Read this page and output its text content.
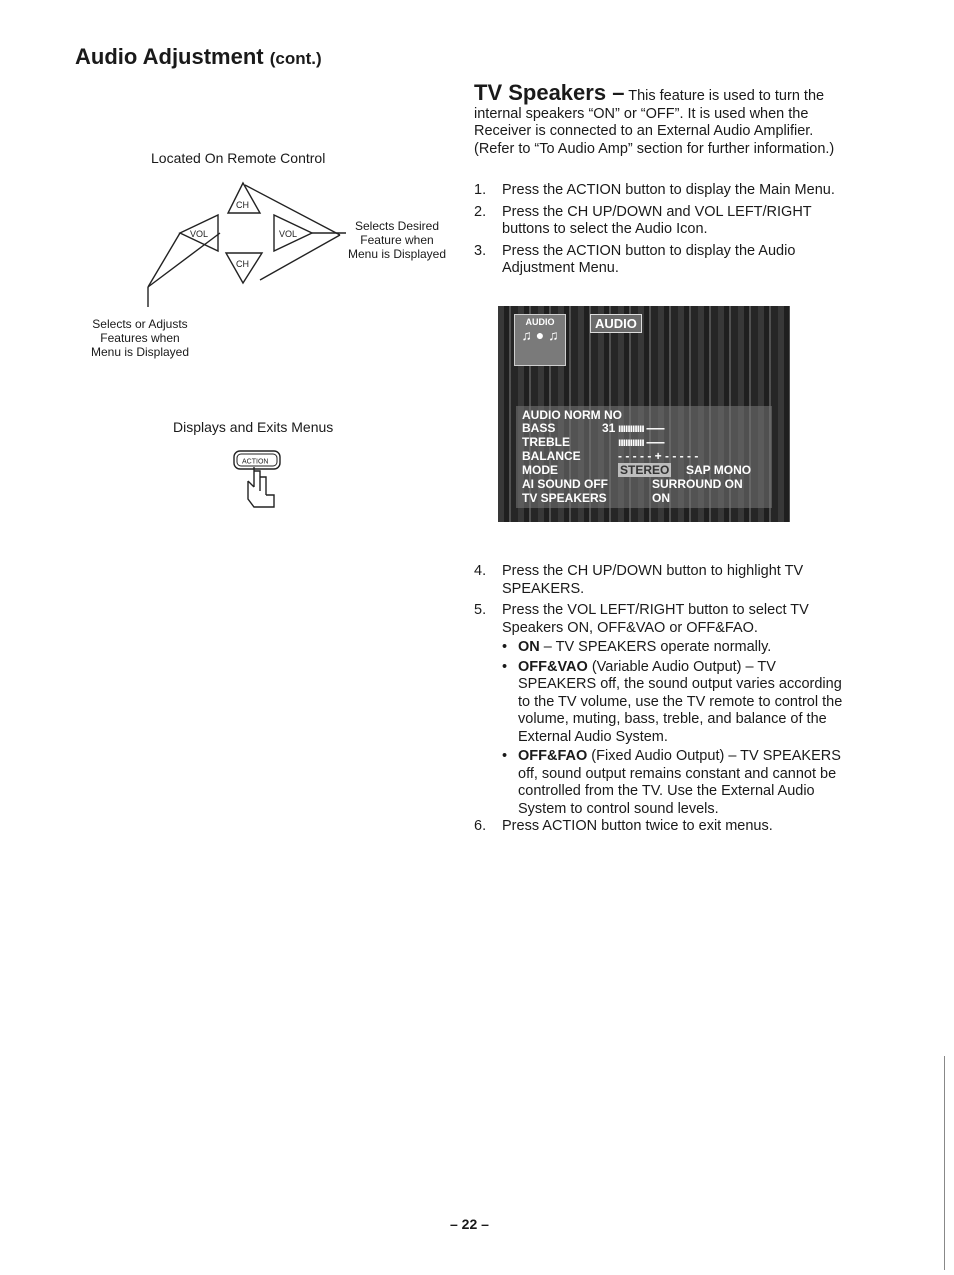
Audio Adjustment (cont.)
Located On Remote Control
CH
VOL	VOL
CH
Selects Desired
Feature when
Menu is Displayed
Selects or Adjusts
Features when
Menu is Displayed
Displays and Exits Menus
ACTION
TV Speakers – This feature is used to turn the internal speakers “ON” or “OFF”. It is used when the Receiver is connected to an External Audio Amplifier. (Refer to “To Audio Amp” section for further information.)
1. Press the ACTION button to display the Main Menu.
2. Press the CH UP/DOWN and VOL LEFT/RIGHT buttons to select the Audio Icon.
3. Press the ACTION button to display the Audio Adjustment Menu.
AUDIO
♫ ● ♫
AUDIO
AUDIO NORM NO
BASS	31 ııııııııııı ------
TREBLE	ııııııııııı ------
BALANCE	- - - - - + - - - - -
MODE	STEREO SAP MONO
AI SOUND OFF	SURROUND ON
TV SPEAKERS	ON
4. Press the CH UP/DOWN button to highlight TV SPEAKERS.
5. Press the VOL LEFT/RIGHT button to select TV Speakers ON, OFF&VAO or OFF&FAO.
• ON – TV SPEAKERS operate normally.
• OFF&VAO (Variable Audio Output) – TV SPEAKERS off, the sound output varies according to the TV volume, use the TV remote to control the volume, muting, bass, treble, and balance of the External Audio System.
• OFF&FAO (Fixed Audio Output) – TV SPEAKERS off, sound output remains constant and cannot be controlled from the TV. Use the External Audio System to control sound levels.
6. Press ACTION button twice to exit menus.
– 22 –
